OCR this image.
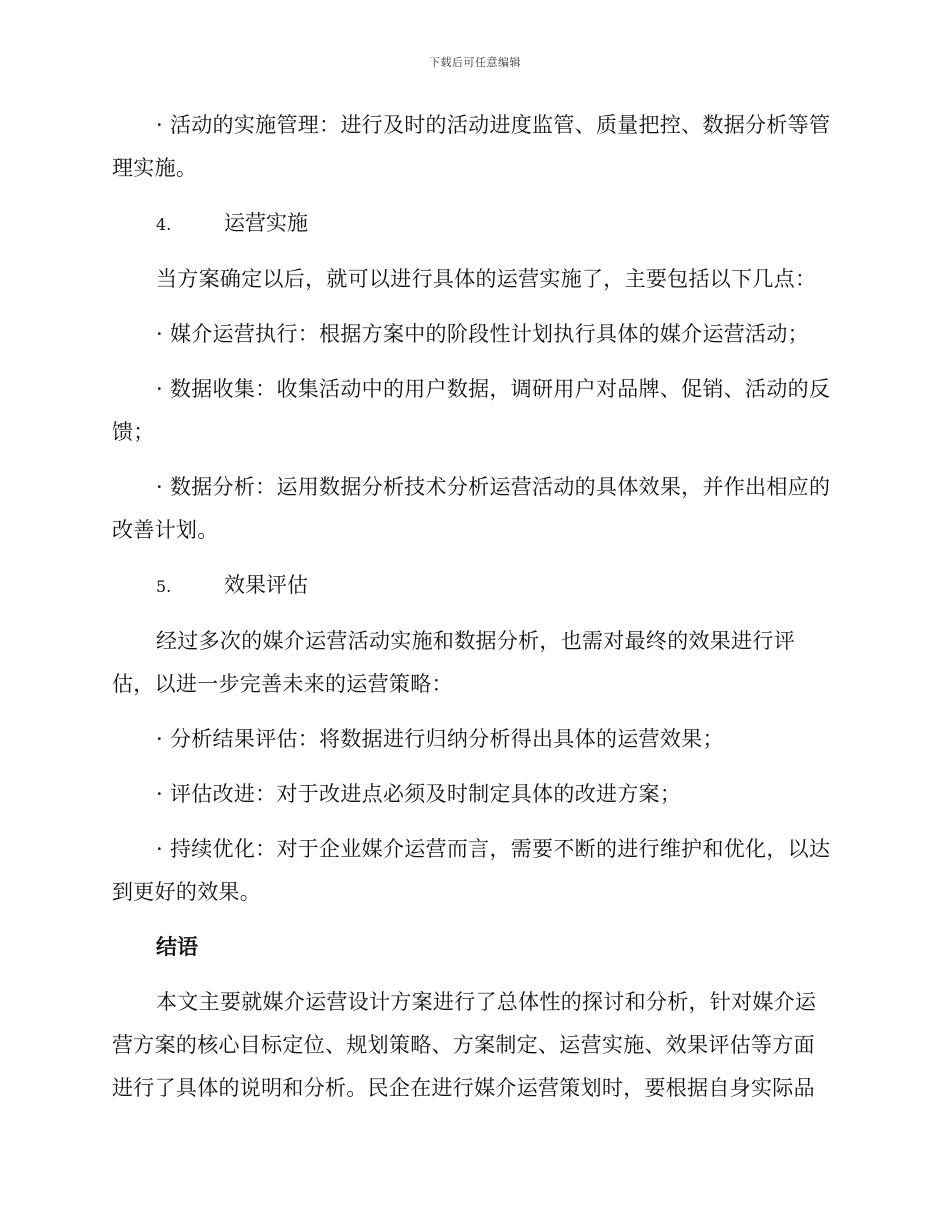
下载后可任意编辑

· 活动的实施管理：进行及时的活动进度监管、质量把控、数据分析等管理实施。

4.	运营实施

当方案确定以后，就可以进行具体的运营实施了，主要包括以下几点：

· 媒介运营执行：根据方案中的阶段性计划执行具体的媒介运营活动；

· 数据收集：收集活动中的用户数据，调研用户对品牌、促销、活动的反馈；

· 数据分析：运用数据分析技术分析运营活动的具体效果，并作出相应的改善计划。

5.	效果评估

经过多次的媒介运营活动实施和数据分析，也需对最终的效果进行评估，以进一步完善未来的运营策略：

· 分析结果评估：将数据进行归纳分析得出具体的运营效果；

· 评估改进：对于改进点必须及时制定具体的改进方案；

· 持续优化：对于企业媒介运营而言，需要不断的进行维护和优化，以达到更好的效果。

结语

本文主要就媒介运营设计方案进行了总体性的探讨和分析，针对媒介运营方案的核心目标定位、规划策略、方案制定、运营实施、效果评估等方面进行了具体的说明和分析。民企在进行媒介运营策划时，要根据自身实际品
